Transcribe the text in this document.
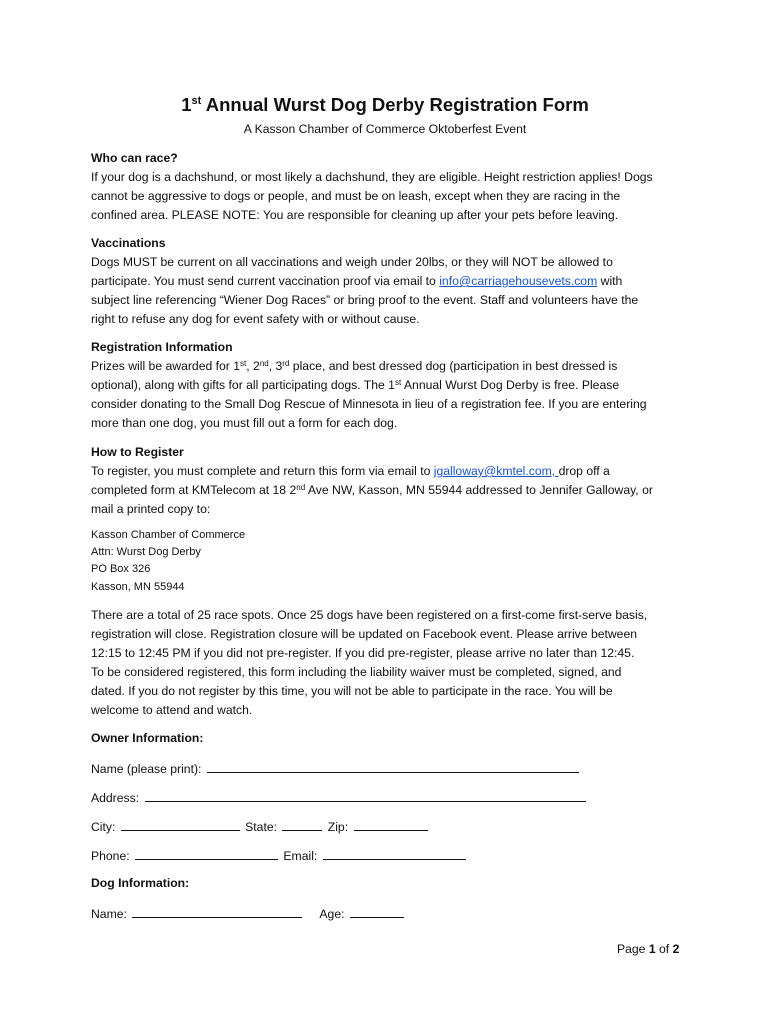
1st Annual Wurst Dog Derby Registration Form
A Kasson Chamber of Commerce Oktoberfest Event
Who can race?
If your dog is a dachshund, or most likely a dachshund, they are eligible. Height restriction applies! Dogs
cannot be aggressive to dogs or people, and must be on leash, except when they are racing in the
confined area. PLEASE NOTE: You are responsible for cleaning up after your pets before leaving.
Vaccinations
Dogs MUST be current on all vaccinations and weigh under 20lbs, or they will NOT be allowed to
participate. You must send current vaccination proof via email to info@carriagehousevets.com with
subject line referencing “Wiener Dog Races” or bring proof to the event. Staff and volunteers have the
right to refuse any dog for event safety with or without cause.
Registration Information
Prizes will be awarded for 1st, 2nd, 3rd place, and best dressed dog (participation in best dressed is
optional), along with gifts for all participating dogs. The 1st Annual Wurst Dog Derby is free. Please
consider donating to the Small Dog Rescue of Minnesota in lieu of a registration fee. If you are entering
more than one dog, you must fill out a form for each dog.
How to Register
To register, you must complete and return this form via email to jgalloway@kmtel.com, drop off a
completed form at KMTelecom at 18 2nd Ave NW, Kasson, MN 55944 addressed to Jennifer Galloway, or
mail a printed copy to:
Kasson Chamber of Commerce
Attn: Wurst Dog Derby
PO Box 326
Kasson, MN 55944
There are a total of 25 race spots. Once 25 dogs have been registered on a first-come first-serve basis,
registration will close. Registration closure will be updated on Facebook event. Please arrive between
12:15 to 12:45 PM if you did not pre-register. If you did pre-register, please arrive no later than 12:45.
To be considered registered, this form including the liability waiver must be completed, signed, and
dated. If you do not register by this time, you will not be able to participate in the race. You will be
welcome to attend and watch.
Owner Information:
Name (please print):
Address:
City:	State:	Zip:
Phone:	Email:
Dog Information:
Name:	Age:
Page 1 of 2
